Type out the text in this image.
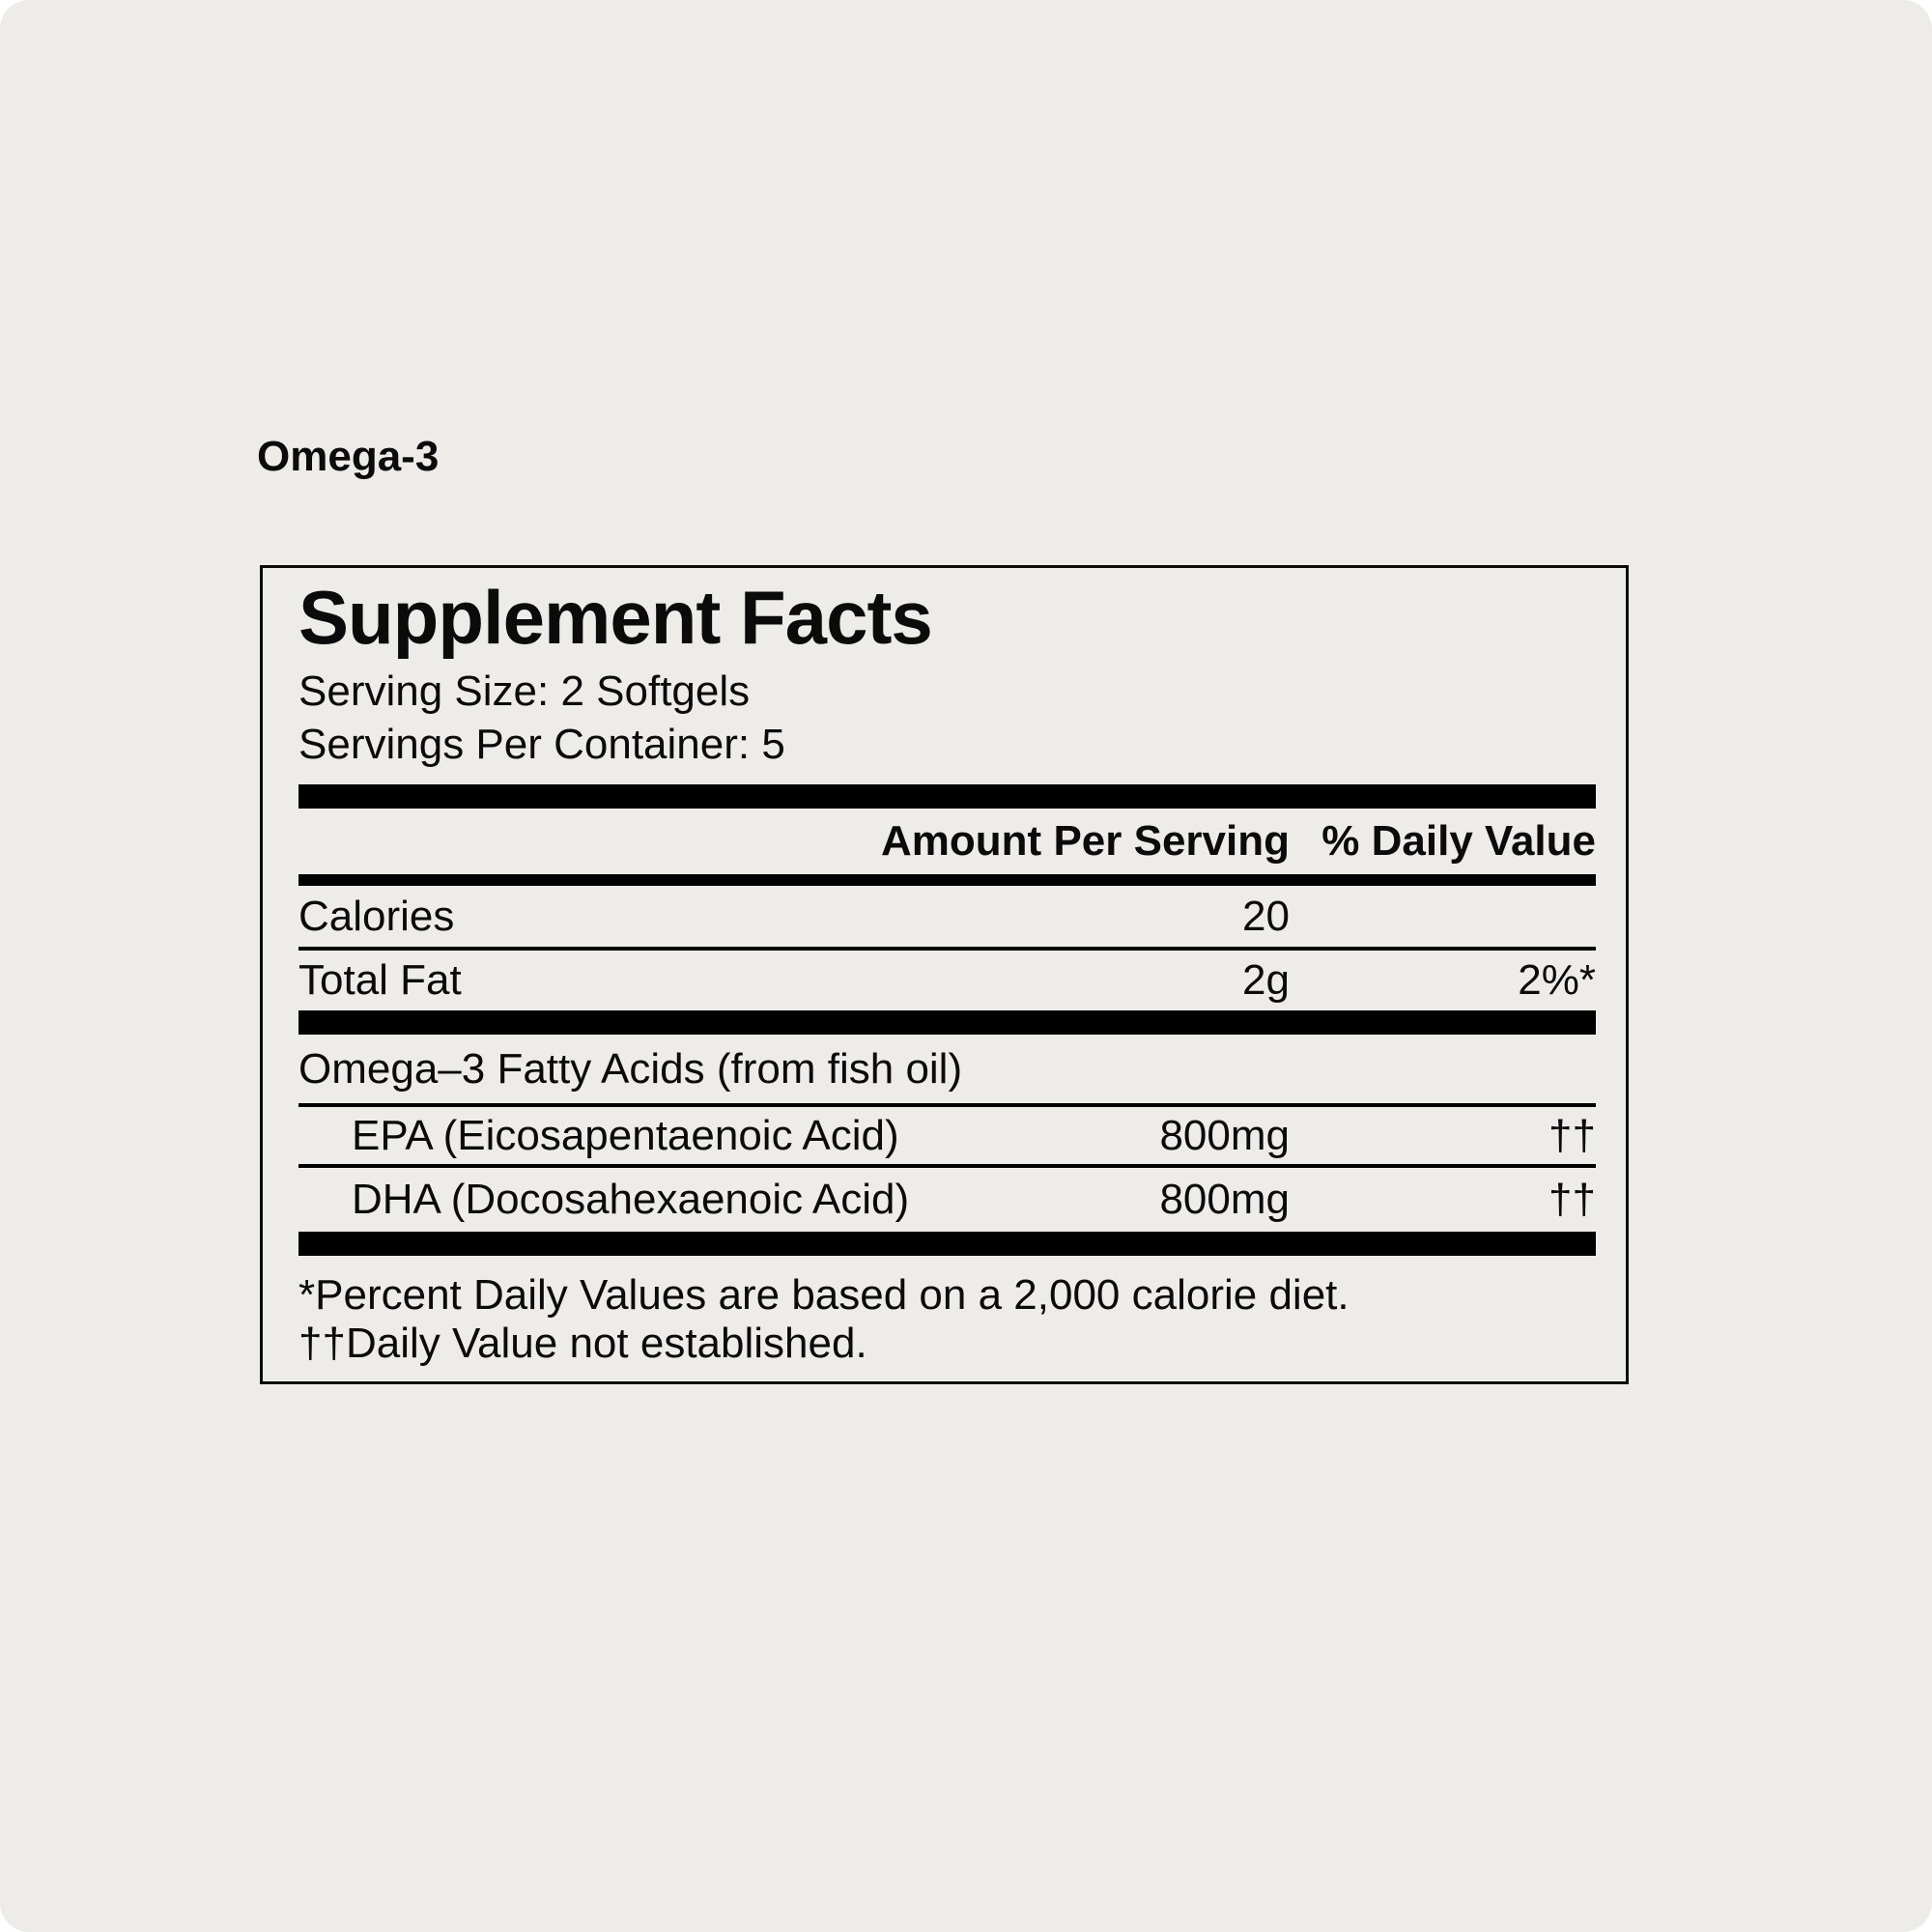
Omega-3
Supplement Facts
Serving Size: 2 Softgels
Servings Per Container: 5
Amount Per Serving % Daily Value
Calories	20
Total Fat	2g	2%*
Omega–3 Fatty Acids (from fish oil)
EPA (Eicosapentaenoic Acid)	800mg	††
DHA (Docosahexaenoic Acid)	800mg	††
*Percent Daily Values are based on a 2,000 calorie diet.
††Daily Value not established.
